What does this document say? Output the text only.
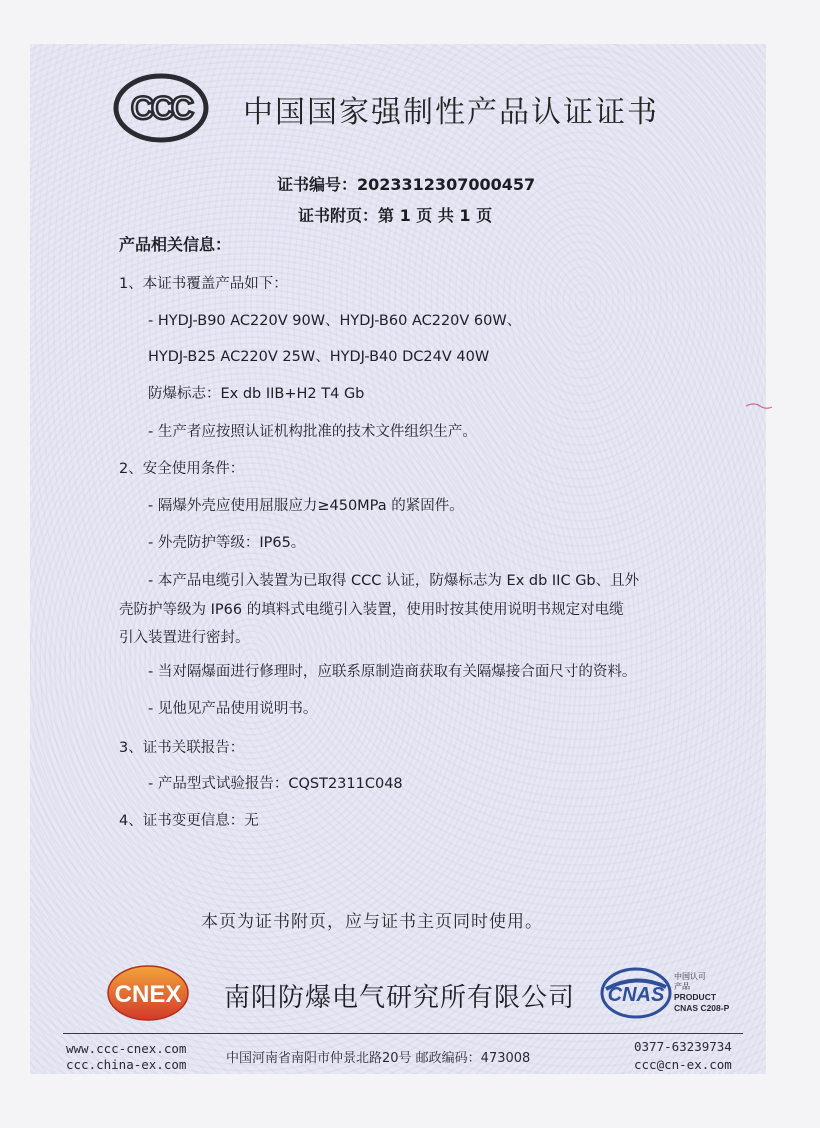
CCC 中国国家强制性产品认证证书
证书编号：2023312307000457
证书附页：第 1 页 共 1 页
产品相关信息：
1、本证书覆盖产品如下：
- HYDJ-B90 AC220V 90W、HYDJ-B60 AC220V 60W、
HYDJ-B25 AC220V 25W、HYDJ-B40 DC24V 40W
防爆标志：Ex db IIB+H2 T4 Gb
- 生产者应按照认证机构批准的技术文件组织生产。
2、安全使用条件：
- 隔爆外壳应使用屈服应力≥450MPa 的紧固件。
- 外壳防护等级：IP65。
- 本产品电缆引入装置为已取得 CCC 认证，防爆标志为 Ex db IIC Gb、且外
壳防护等级为 IP66 的填料式电缆引入装置，使用时按其使用说明书规定对电缆
引入装置进行密封。
- 当对隔爆面进行修理时，应联系原制造商获取有关隔爆接合面尺寸的资料。
- 见他见产品使用说明书。
3、证书关联报告：
- 产品型式试验报告：CQST2311C048
4、证书变更信息：无
本页为证书附页，应与证书主页同时使用。
CNEX 南阳防爆电气研究所有限公司 CNAS
中国认可
产品
PRODUCT
CNAS C208-P
www.ccc-cnex.com
ccc.china-ex.com	中国河南省南阳市仲景北路20号 邮政编码：473008
0377-63239734
ccc@cn-ex.com
